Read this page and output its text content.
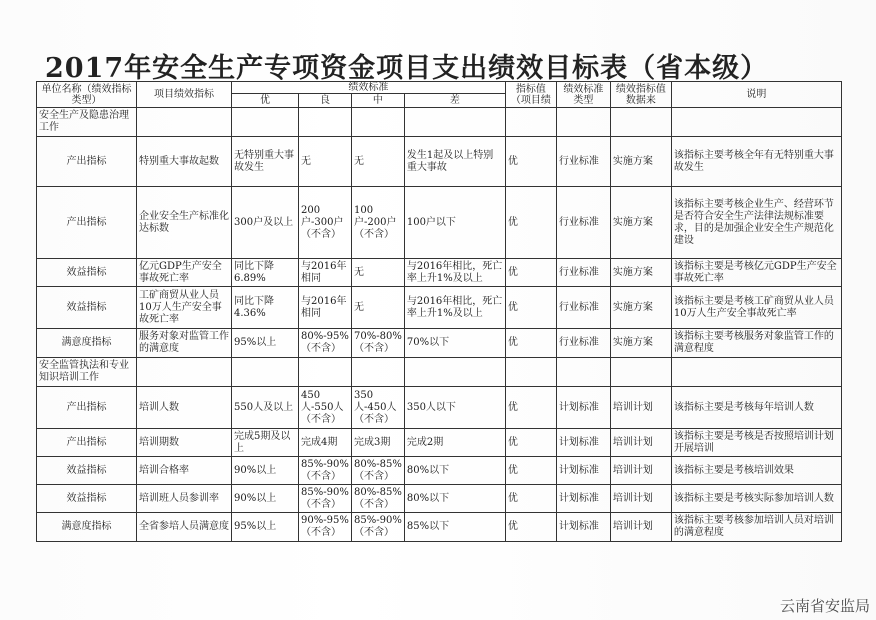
2017年安全生产专项资金项目支出绩效目标表（省本级）
单位名称（绩效指标类型）	项目绩效指标	绩效标准				指标值（项目绩	绩效标准类型	绩效指标值数据来	说明
		优	良	中	差				
安全生产及隐患治理工作									
产出指标	特别重大事故起数	无特别重大事故发生	无	无	发生1起及以上特别重大事故	优	行业标准	实施方案	该指标主要考核全年有无特别重大事故发生
产出指标	企业安全生产标准化达标数	300户及以上	200户-300户（不含）	100户-200户（不含）	100户以下	优	行业标准	实施方案	该指标主要考核企业生产、经营环节是否符合安全生产法律法规标准要求，目的是加强企业安全生产规范化建设
效益指标	亿元GDP生产安全事故死亡率	同比下降6.89%	与2016年相同	无	与2016年相比，死亡率上升1%及以上	优	行业标准	实施方案	该指标主要是考核亿元GDP生产安全事故死亡率
效益指标	工矿商贸从业人员10万人生产安全事故死亡率	同比下降4.36%	与2016年相同	无	与2016年相比，死亡率上升1%及以上	优	行业标准	实施方案	该指标主要是考核工矿商贸从业人员10万人生产安全事故死亡率
满意度指标	服务对象对监管工作的满意度	95%以上	80%-95%（不含）	70%-80%（不含）	70%以下	优	行业标准	实施方案	该指标主要考核服务对象监管工作的满意程度
安全监管执法和专业知识培训工作									
产出指标	培训人数	550人及以上	450人-550人（不含）	350人-450人（不含）	350人以下	优	计划标准	培训计划	该指标主要是考核每年培训人数
产出指标	培训期数	完成5期及以上	完成4期	完成3期	完成2期	优	计划标准	培训计划	该指标主要是考核是否按照培训计划开展培训
效益指标	培训合格率	90%以上	85%-90%（不含）	80%-85%（不含）	80%以下	优	计划标准	培训计划	该指标主要是考核培训效果
效益指标	培训班人员参训率	90%以上	85%-90%（不含）	80%-85%（不含）	80%以下	优	计划标准	培训计划	该指标主要是考核实际参加培训人数
满意度指标	全省参培人员满意度	95%以上	90%-95%（不含）	85%-90%（不含）	85%以下	优	计划标准	培训计划	该指标主要考核参加培训人员对培训的满意程度
云南省安监局
